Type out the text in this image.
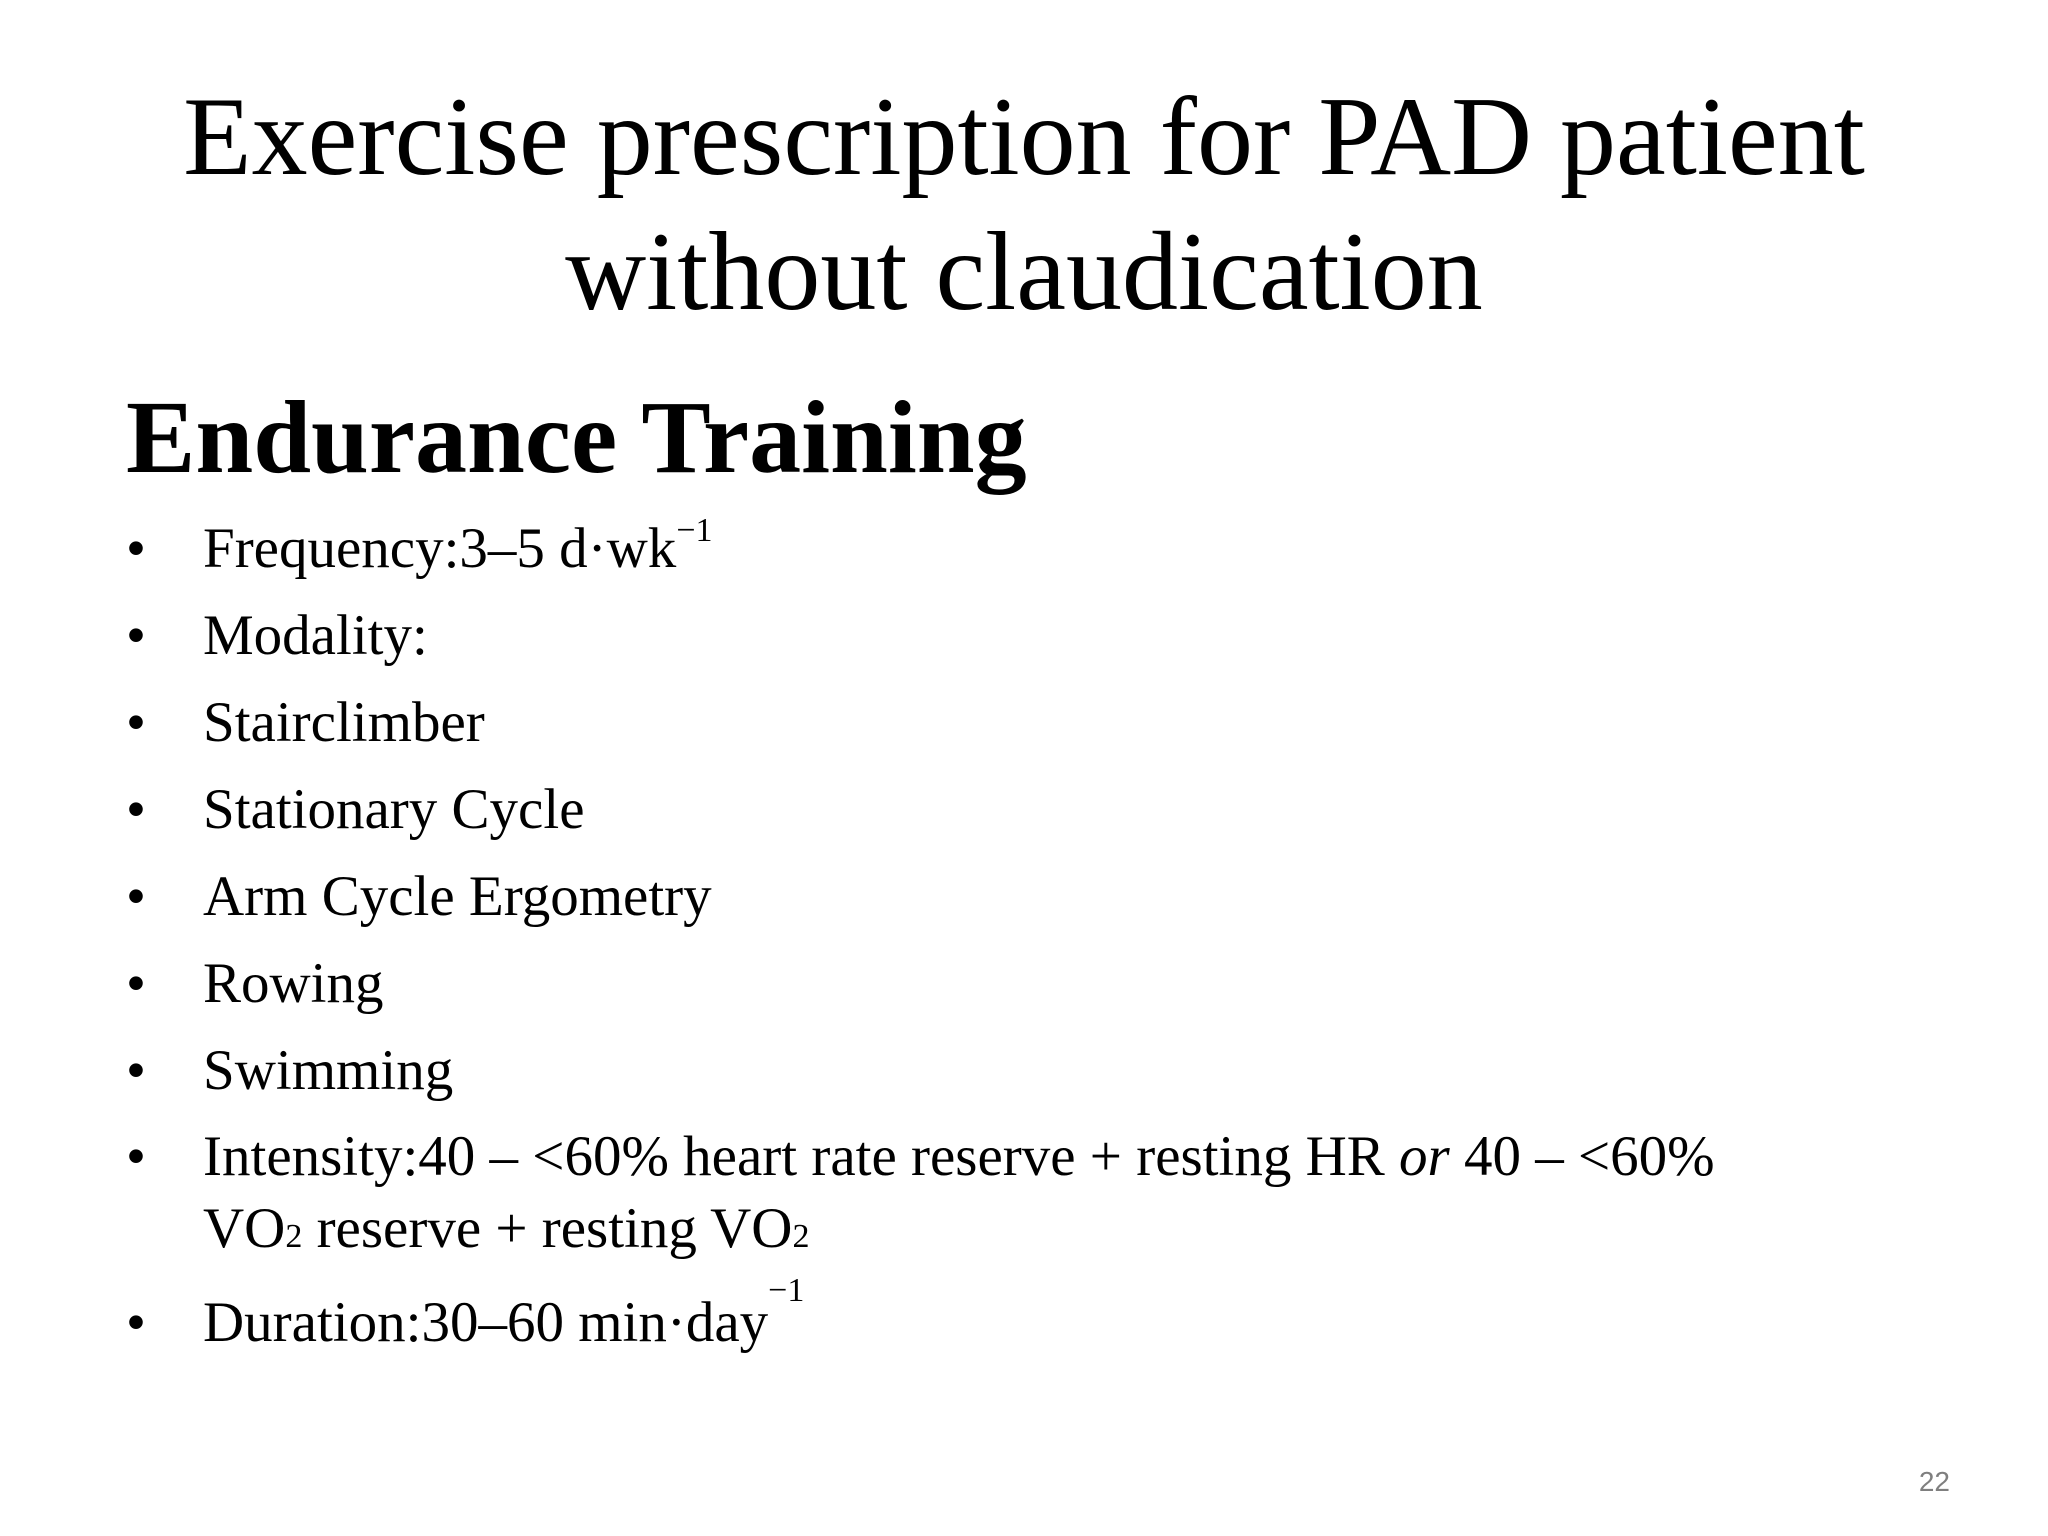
Exercise prescription for PAD patient
without claudication
Endurance Training
•	Frequency:3–5 $d\cdot wk^{-1}$
•	Modality:
•	Stairclimber
•	Stationary Cycle
•	Arm Cycle Ergometry
•	Rowing
•	Swimming
•	Intensity:40 – <60% heart rate reserve + resting HR or 40 – <60%
VO2 reserve + resting VO2
•	Duration:30–60 min·day$^{-1}$
22
